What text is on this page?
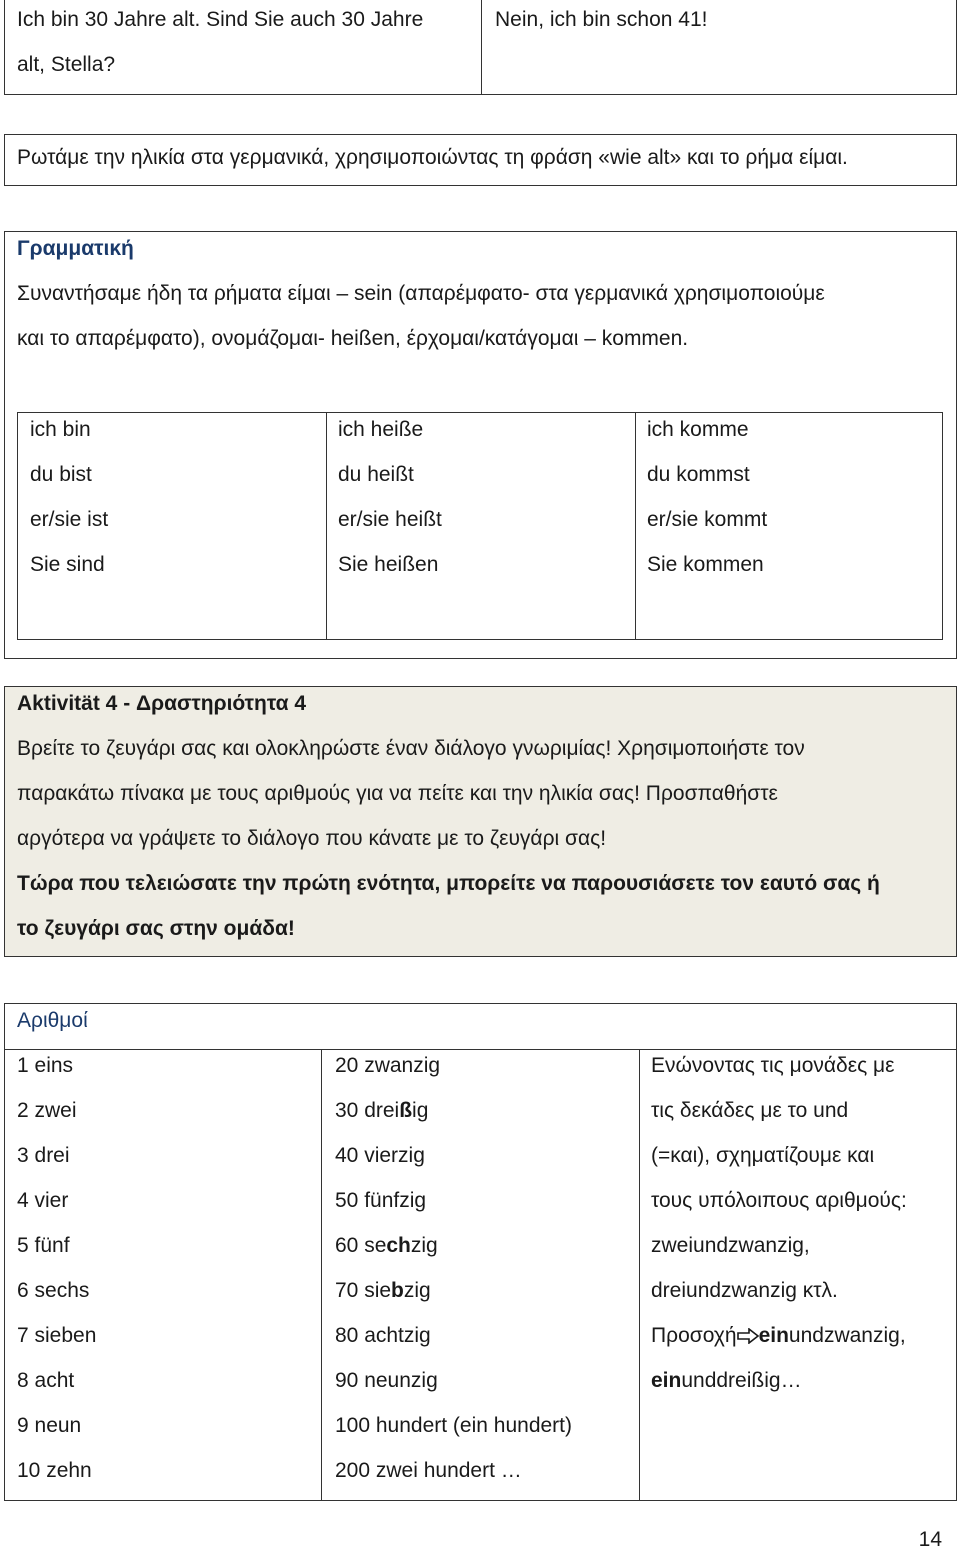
Ich bin 30 Jahre alt. Sind Sie auch 30 Jahre
alt, Stella?
Nein, ich bin schon 41!
Ρωτάμε την ηλικία στα γερμανικά, χρησιμοποιώντας τη φράση «wie alt» και το ρήμα είμαι.
Γραμματική
Συναντήσαμε ήδη τα ρήματα είμαι – sein (απαρέμφατο- στα γερμανικά χρησιμοποιούμε
και το απαρέμφατο), ονομάζομαι- heißen, έρχομαι/κατάγομαι – kommen.
ich bin
du bist
er/sie ist
Sie sind
ich heiße
du heißt
er/sie heißt
Sie heißen
ich komme
du kommst
er/sie kommt
Sie kommen
Aktivität 4 - Δραστηριότητα 4
Βρείτε το ζευγάρι σας και ολοκληρώστε έναν διάλογο γνωριμίας! Χρησιμοποιήστε τον
παρακάτω πίνακα με τους αριθμούς για να πείτε και την ηλικία σας! Προσπαθήστε
αργότερα να γράψετε το διάλογο που κάνατε με το ζευγάρι σας!
Τώρα που τελειώσατε την πρώτη ενότητα, μπορείτε να παρουσιάσετε τον εαυτό σας ή
το ζευγάρι σας στην ομάδα!
Αριθμοί
1 eins
2 zwei
3 drei
4 vier
5 fünf
6 sechs
7 sieben
8 acht
9 neun
10 zehn
20 zwanzig
30 dreißig
40 vierzig
50 fünfzig
60 sechzig
70 siebzig
80 achtzig
90 neunzig
100 hundert (ein hundert)
200 zwei hundert …
Ενώνοντας τις μονάδες με
τις δεκάδες με το und
(=και), σχηματίζουμε και
τους υπόλοιπους αριθμούς:
zweiundzwanzig,
dreiundzwanzig κτλ.
Προσοχή einundzwanzig,
einunddreißig…
14
